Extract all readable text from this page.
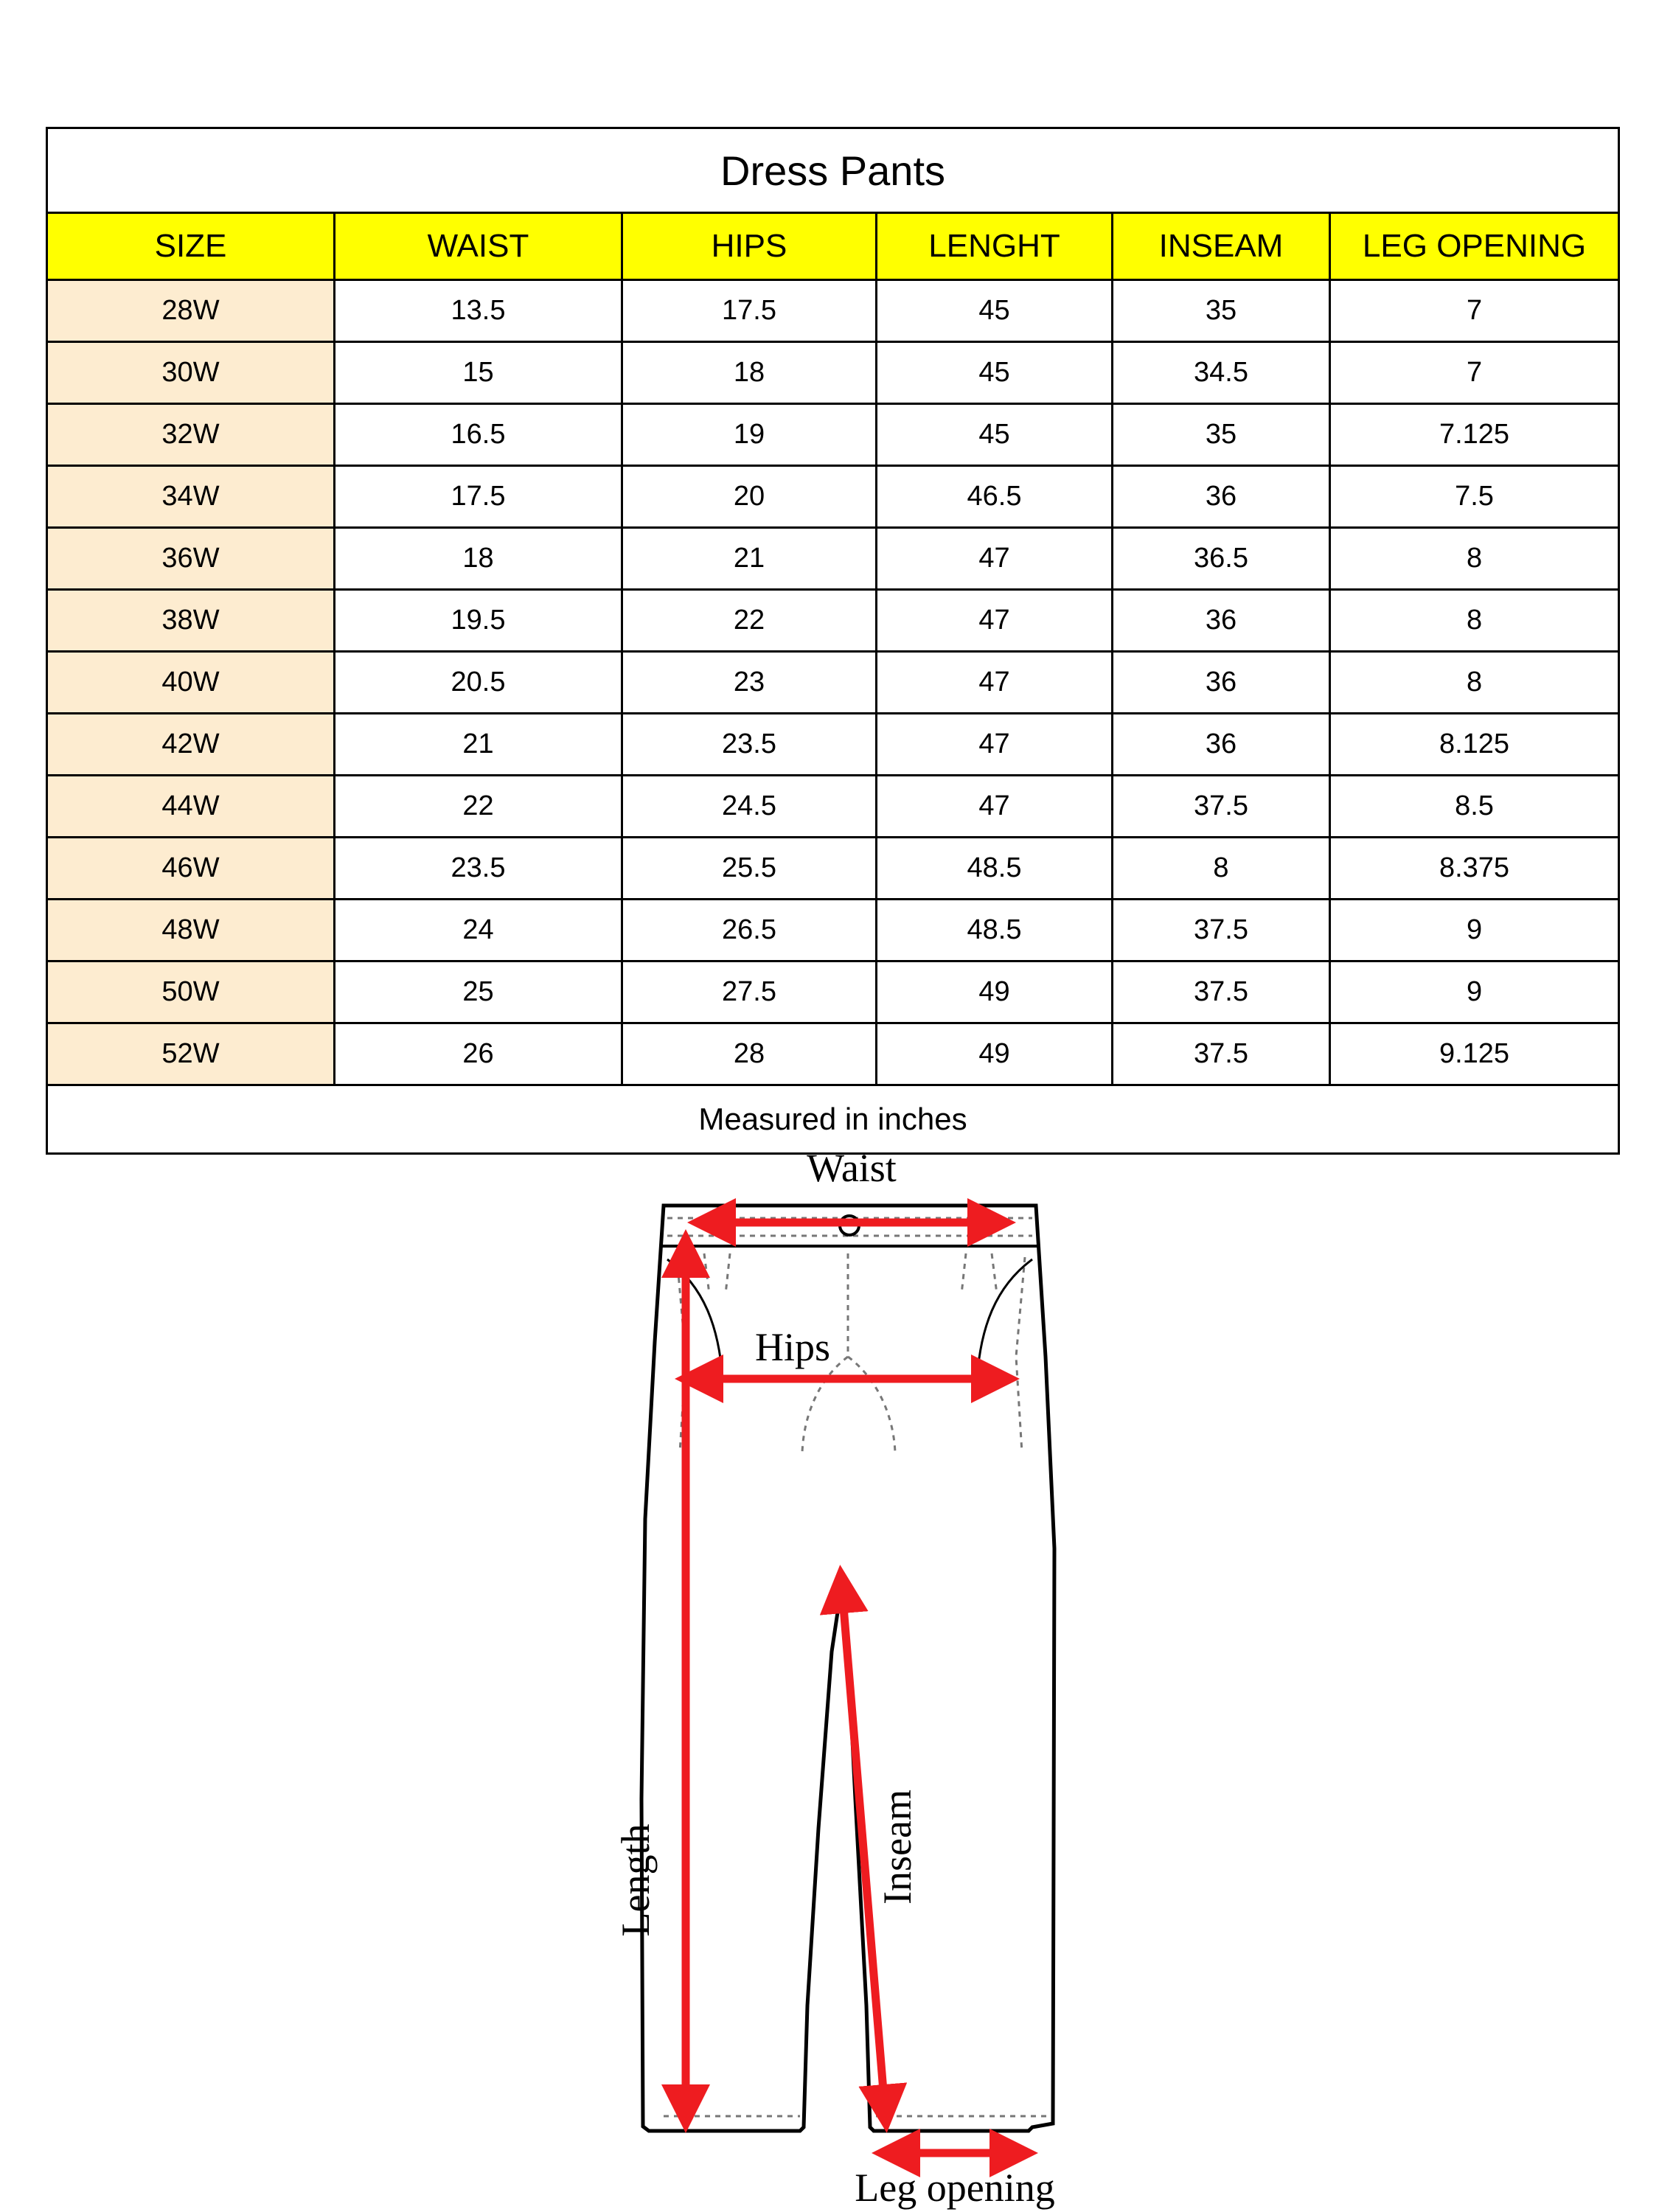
Dress Pants					
SIZE	WAIST	HIPS	LENGHT	INSEAM	LEG OPENING
28W	13.5	17.5	45	35	7
30W	15	18	45	34.5	7
32W	16.5	19	45	35	7.125
34W	17.5	20	46.5	36	7.5
36W	18	21	47	36.5	8
38W	19.5	22	47	36	8
40W	20.5	23	47	36	8
42W	21	23.5	47	36	8.125
44W	22	24.5	47	37.5	8.5
46W	23.5	25.5	48.5	8	8.375
48W	24	26.5	48.5	37.5	9
50W	25	27.5	49	37.5	9
52W	26	28	49	37.5	9.125
Measured in inches					
Waist
Hips
Length	Inseam
Leg opening
